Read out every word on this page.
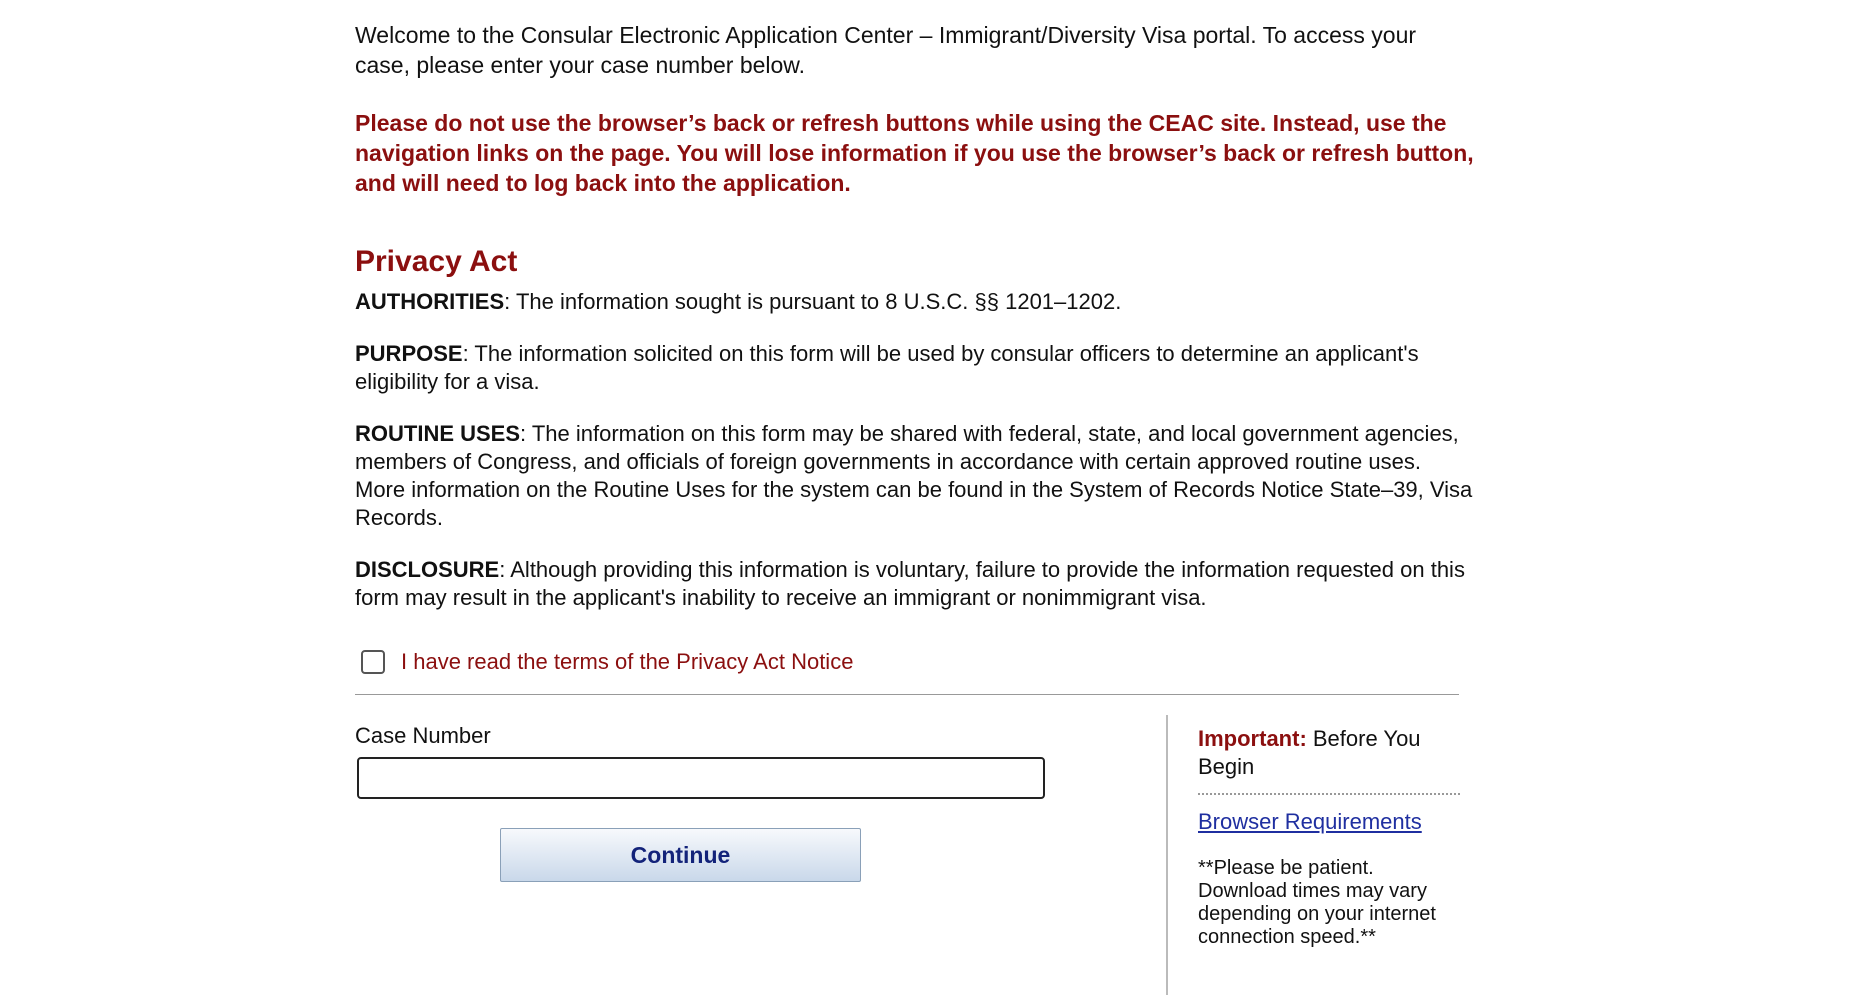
Welcome to the Consular Electronic Application Center – Immigrant/Diversity Visa portal. To access your case, please enter your case number below.

Please do not use the browser’s back or refresh buttons while using the CEAC site. Instead, use the navigation links on the page. You will lose information if you use the browser’s back or refresh button, and will need to log back into the application.

Privacy Act

AUTHORITIES: The information sought is pursuant to 8 U.S.C. §§ 1201–1202.

PURPOSE: The information solicited on this form will be used by consular officers to determine an applicant's eligibility for a visa.

ROUTINE USES: The information on this form may be shared with federal, state, and local government agencies, members of Congress, and officials of foreign governments in accordance with certain approved routine uses. More information on the Routine Uses for the system can be found in the System of Records Notice State–39, Visa Records.

DISCLOSURE: Although providing this information is voluntary, failure to provide the information requested on this form may result in the applicant's inability to receive an immigrant or nonimmigrant visa.

I have read the terms of the Privacy Act Notice
Case Number
Continue
Important: Before You Begin
Browser Requirements
**Please be patient. Download times may vary depending on your internet connection speed.**
